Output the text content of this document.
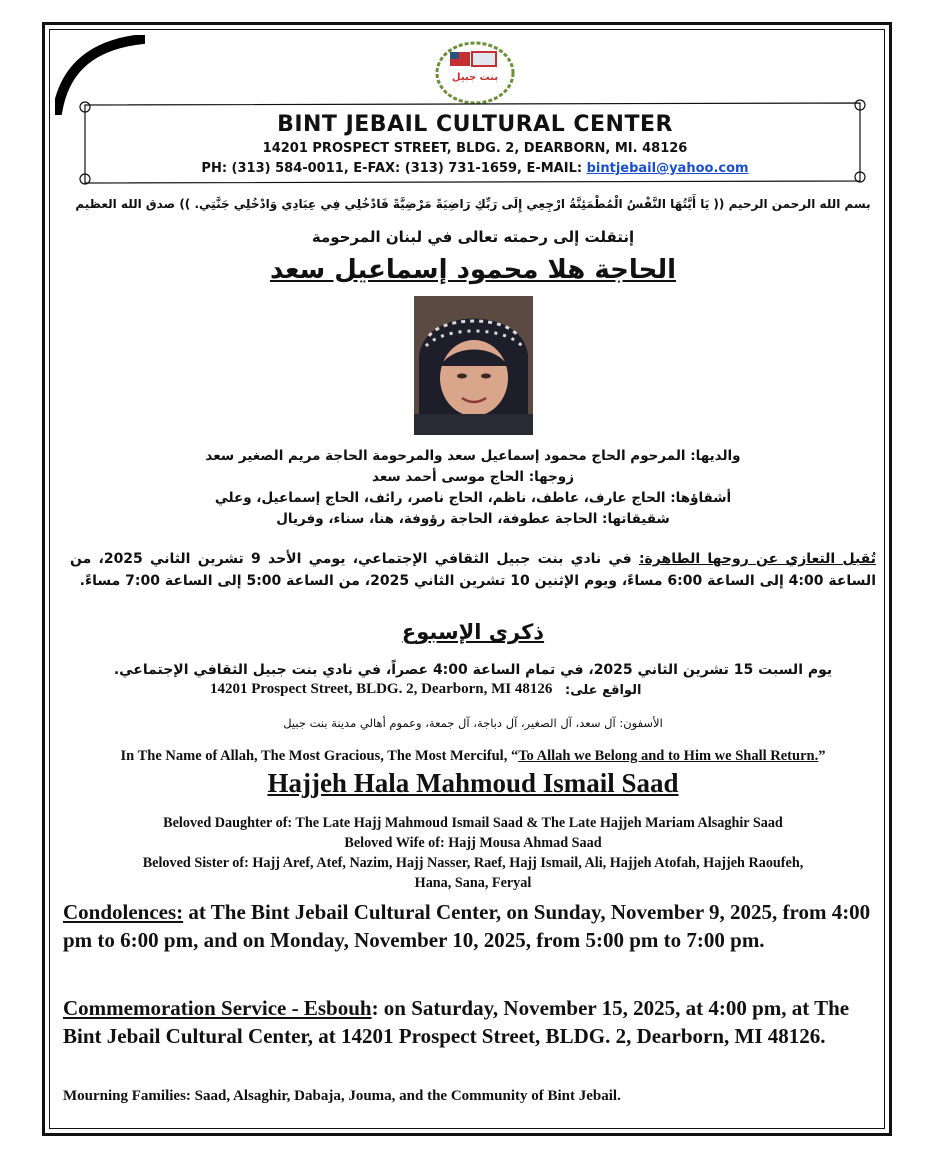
بنت جبيل
BINT JEBAIL CULTURAL CENTER
14201 PROSPECT STREET, BLDG. 2, DEARBORN, MI. 48126
PH: (313) 584-0011, E-FAX: (313) 731-1659, E-MAIL: bintjebail@yahoo.com
بسم الله الرحمن الرحيم (( يَا أَيَّتُهَا النَّفْسُ الْمُطْمَئِنَّةُ ارْجِعِي إِلَى رَبِّكِ رَاضِيَةً مَرْضِيَّةً فَادْخُلِي فِي عِبَادِي وَادْخُلِي جَنَّتِي. )) صدق الله العظيم
إنتقلت إلى رحمته تعالى في لبنان المرحومة
الحاجة هلا محمود إسماعيل سعد
والديها: المرحوم الحاج محمود إسماعيل سعد والمرحومة الحاجة مريم الصغير سعد
زوجها: الحاج موسى أحمد سعد
أشقاؤها: الحاج عارف، عاطف، ناظم، الحاج ناصر، رائف، الحاج إسماعيل، وعلي
شقيقاتها: الحاجة عطوفة، الحاجة رؤوفة، هنا، سناء، وفريال
تُقبل التعازي عن روحها الطاهرة: في نادي بنت جبيل الثقافي الإجتماعي، يومي الأحد 9 تشرين الثاني 2025، من الساعة 4:00 إلى الساعة 6:00 مساءً، ويوم الإثنين 10 تشرين الثاني 2025، من الساعة 5:00 إلى الساعة 7:00 مساءً.
ذكرى الإسبوع
يوم السبت 15 تشرين الثاني 2025، في تمام الساعة 4:00 عصراً، في نادي بنت جبيل الثقافي الإجتماعي.
الواقع على:
14201 Prospect Street, BLDG. 2, Dearborn, MI 48126
الأسفون: آل سعد، آل الصغير، آل دباجة، آل جمعة، وعموم أهالي مدينة بنت جبيل
In The Name of Allah, The Most Gracious, The Most Merciful, “To Allah we Belong and to Him we Shall Return.”
Hajjeh Hala Mahmoud Ismail Saad
Beloved Daughter of: The Late Hajj Mahmoud Ismail Saad & The Late Hajjeh Mariam Alsaghir Saad
Beloved Wife of: Hajj Mousa Ahmad Saad
Beloved Sister of: Hajj Aref, Atef, Nazim, Hajj Nasser, Raef, Hajj Ismail, Ali, Hajjeh Atofah, Hajjeh Raoufeh,
Hana, Sana, Feryal
Condolences: at The Bint Jebail Cultural Center, on Sunday, November 9, 2025, from 4:00 pm to 6:00 pm, and on Monday, November 10, 2025, from 5:00 pm to 7:00 pm.
Commemoration Service - Esbouh: on Saturday, November 15, 2025, at 4:00 pm, at The Bint Jebail Cultural Center, at 14201 Prospect Street, BLDG. 2, Dearborn, MI 48126.
Mourning Families: Saad, Alsaghir, Dabaja, Jouma, and the Community of Bint Jebail.
